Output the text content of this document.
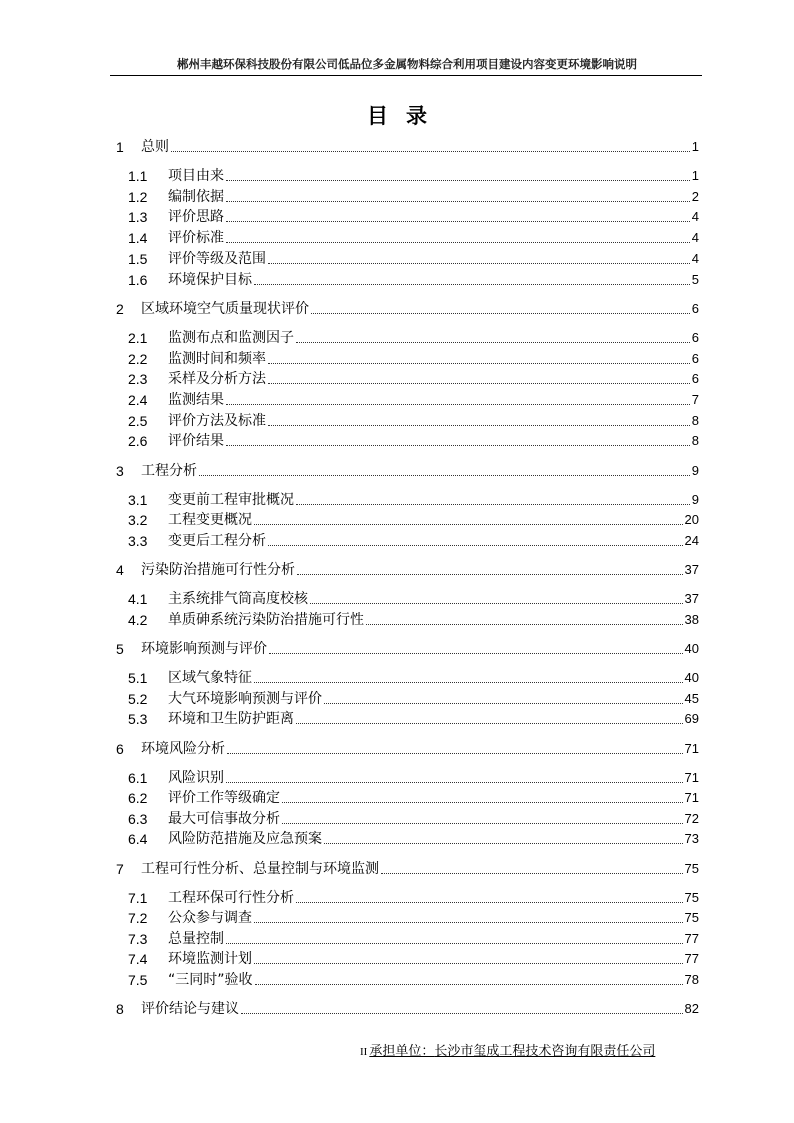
郴州丰越环保科技股份有限公司低品位多金属物料综合利用项目建设内容变更环境影响说明
目录
1	总则	1
1.1	项目由来	1
1.2	编制依据	2
1.3	评价思路	4
1.4	评价标准	4
1.5	评价等级及范围	4
1.6	环境保护目标	5
2	区域环境空气质量现状评价	6
2.1	监测布点和监测因子	6
2.2	监测时间和频率	6
2.3	采样及分析方法	6
2.4	监测结果	7
2.5	评价方法及标准	8
2.6	评价结果	8
3	工程分析	9
3.1	变更前工程审批概况	9
3.2	工程变更概况	20
3.3	变更后工程分析	24
4	污染防治措施可行性分析	37
4.1	主系统排气筒高度校核	37
4.2	单质砷系统污染防治措施可行性	38
5	环境影响预测与评价	40
5.1	区域气象特征	40
5.2	大气环境影响预测与评价	45
5.3	环境和卫生防护距离	69
6	环境风险分析	71
6.1	风险识别	71
6.2	评价工作等级确定	71
6.3	最大可信事故分析	72
6.4	风险防范措施及应急预案	73
7	工程可行性分析、总量控制与环境监测	75
7.1	工程环保可行性分析	75
7.2	公众参与调查	75
7.3	总量控制	77
7.4	环境监测计划	77
7.5	“三同时”验收	78
8	评价结论与建议	82
II 承担单位：长沙市玺成工程技术咨询有限责任公司
